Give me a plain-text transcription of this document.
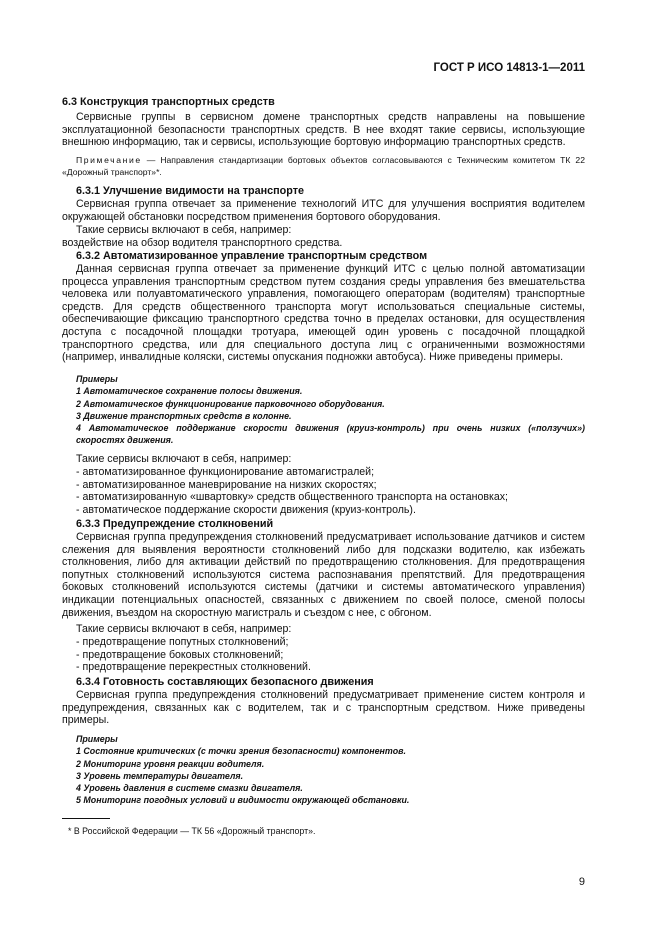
ГОСТ Р ИСО 14813-1—2011
6.3 Конструкция транспортных средств
Сервисные группы в сервисном домене транспортных средств направлены на повышение эксплуатационной безопасности транспортных средств. В нее входят такие сервисы, использующие внешнюю информацию, так и сервисы, использующие бортовую информацию транспортных средств.
Примечание — Направления стандартизации бортовых объектов согласовываются с Техническим комитетом ТК 22 «Дорожный транспорт»*.
6.3.1 Улучшение видимости на транспорте
Сервисная группа отвечает за применение технологий ИТС для улучшения восприятия водителем окружающей обстановки посредством применения бортового оборудования.
Такие сервисы включают в себя, например:
воздействие на обзор водителя транспортного средства.
6.3.2 Автоматизированное управление транспортным средством
Данная сервисная группа отвечает за применение функций ИТС с целью полной автоматизации процесса управления транспортным средством путем создания среды управления без вмешательства человека или полуавтоматического управления, помогающего операторам (водителям) транспортные средств. Для средств общественного транспорта могут использоваться специальные системы, обеспечивающие фиксацию транспортного средства точно в пределах остановки, для осуществления доступа с посадочной площадки тротуара, имеющей один уровень с посадочной площадкой транспортного средства, или для специального доступа лиц с ограниченными возможностями (например, инвалидные коляски, системы опускания подножки автобуса). Ниже приведены примеры.
Примеры
1 Автоматическое сохранение полосы движения.
2 Автоматическое функционирование парковочного оборудования.
3 Движение транспортных средств в колонне.
4 Автоматическое поддержание скорости движения (круиз-контроль) при очень низких («ползучих») скоростях движения.
Такие сервисы включают в себя, например:
- автоматизированное функционирование автомагистралей;
- автоматизированное маневрирование на низких скоростях;
- автоматизированную «швартовку» средств общественного транспорта на остановках;
- автоматическое поддержание скорости движения (круиз-контроль).
6.3.3 Предупреждение столкновений
Сервисная группа предупреждения столкновений предусматривает использование датчиков и систем слежения для выявления вероятности столкновений либо для подсказки водителю, как избежать столкновения, либо для активации действий по предотвращению столкновения. Для предотвращения попутных столкновений используются система распознавания препятствий. Для предотвращения боковых столкновений используются системы (датчики и системы автоматического управления) индикации потенциальных опасностей, связанных с движением по своей полосе, сменой полосы движения, въездом на скоростную магистраль и съездом с нее, с обгоном.
Такие сервисы включают в себя, например:
- предотвращение попутных столкновений;
- предотвращение боковых столкновений;
- предотвращение перекрестных столкновений.
6.3.4 Готовность составляющих безопасного движения
Сервисная группа предупреждения столкновений предусматривает применение систем контроля и предупреждения, связанных как с водителем, так и с транспортным средством. Ниже приведены примеры.
Примеры
1 Состояние критических (с точки зрения безопасности) компонентов.
2 Мониторинг уровня реакции водителя.
3 Уровень температуры двигателя.
4 Уровень давления в системе смазки двигателя.
5 Мониторинг погодных условий и видимости окружающей обстановки.
* В Российской Федерации — ТК 56 «Дорожный транспорт».
9
